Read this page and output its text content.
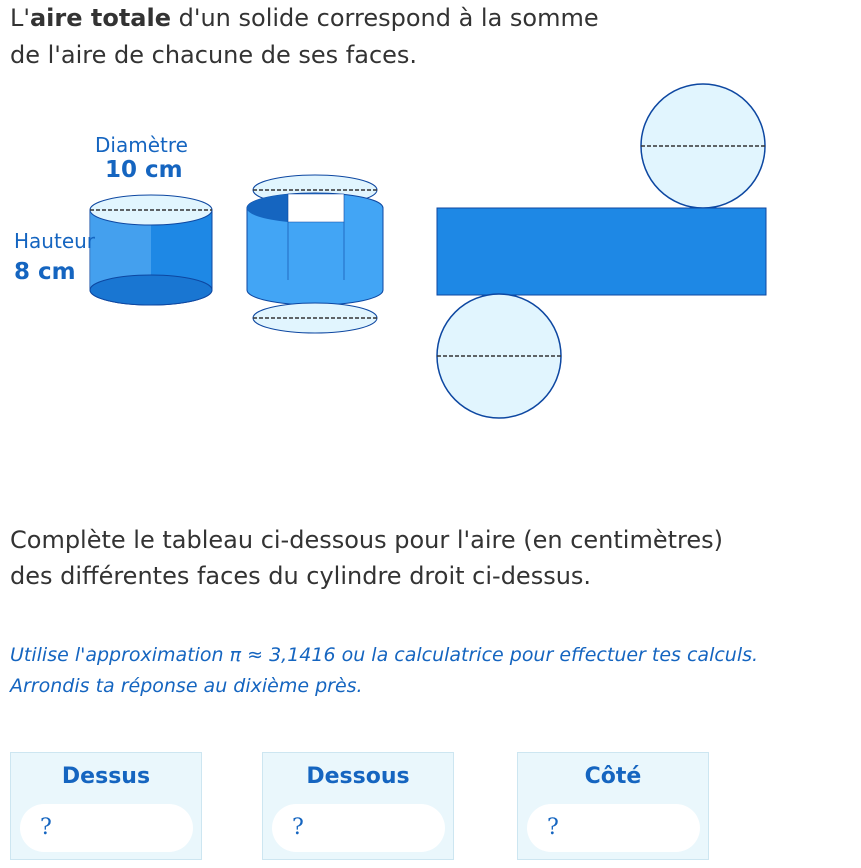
L'aire totale d'un solide correspond à la somme de l'aire de chacune de ses faces.

Diamètre
10 cm
Hauteur
8 cm

Complète le tableau ci-dessous pour l'aire (en centimètres) des différentes faces du cylindre droit ci-dessus.

Utilise l'approximation π ≈ 3,1416 ou la calculatrice pour effectuer tes calculs. Arrondis ta réponse au dixième près.

Dessus
?
Dessous
?
Côté
?
